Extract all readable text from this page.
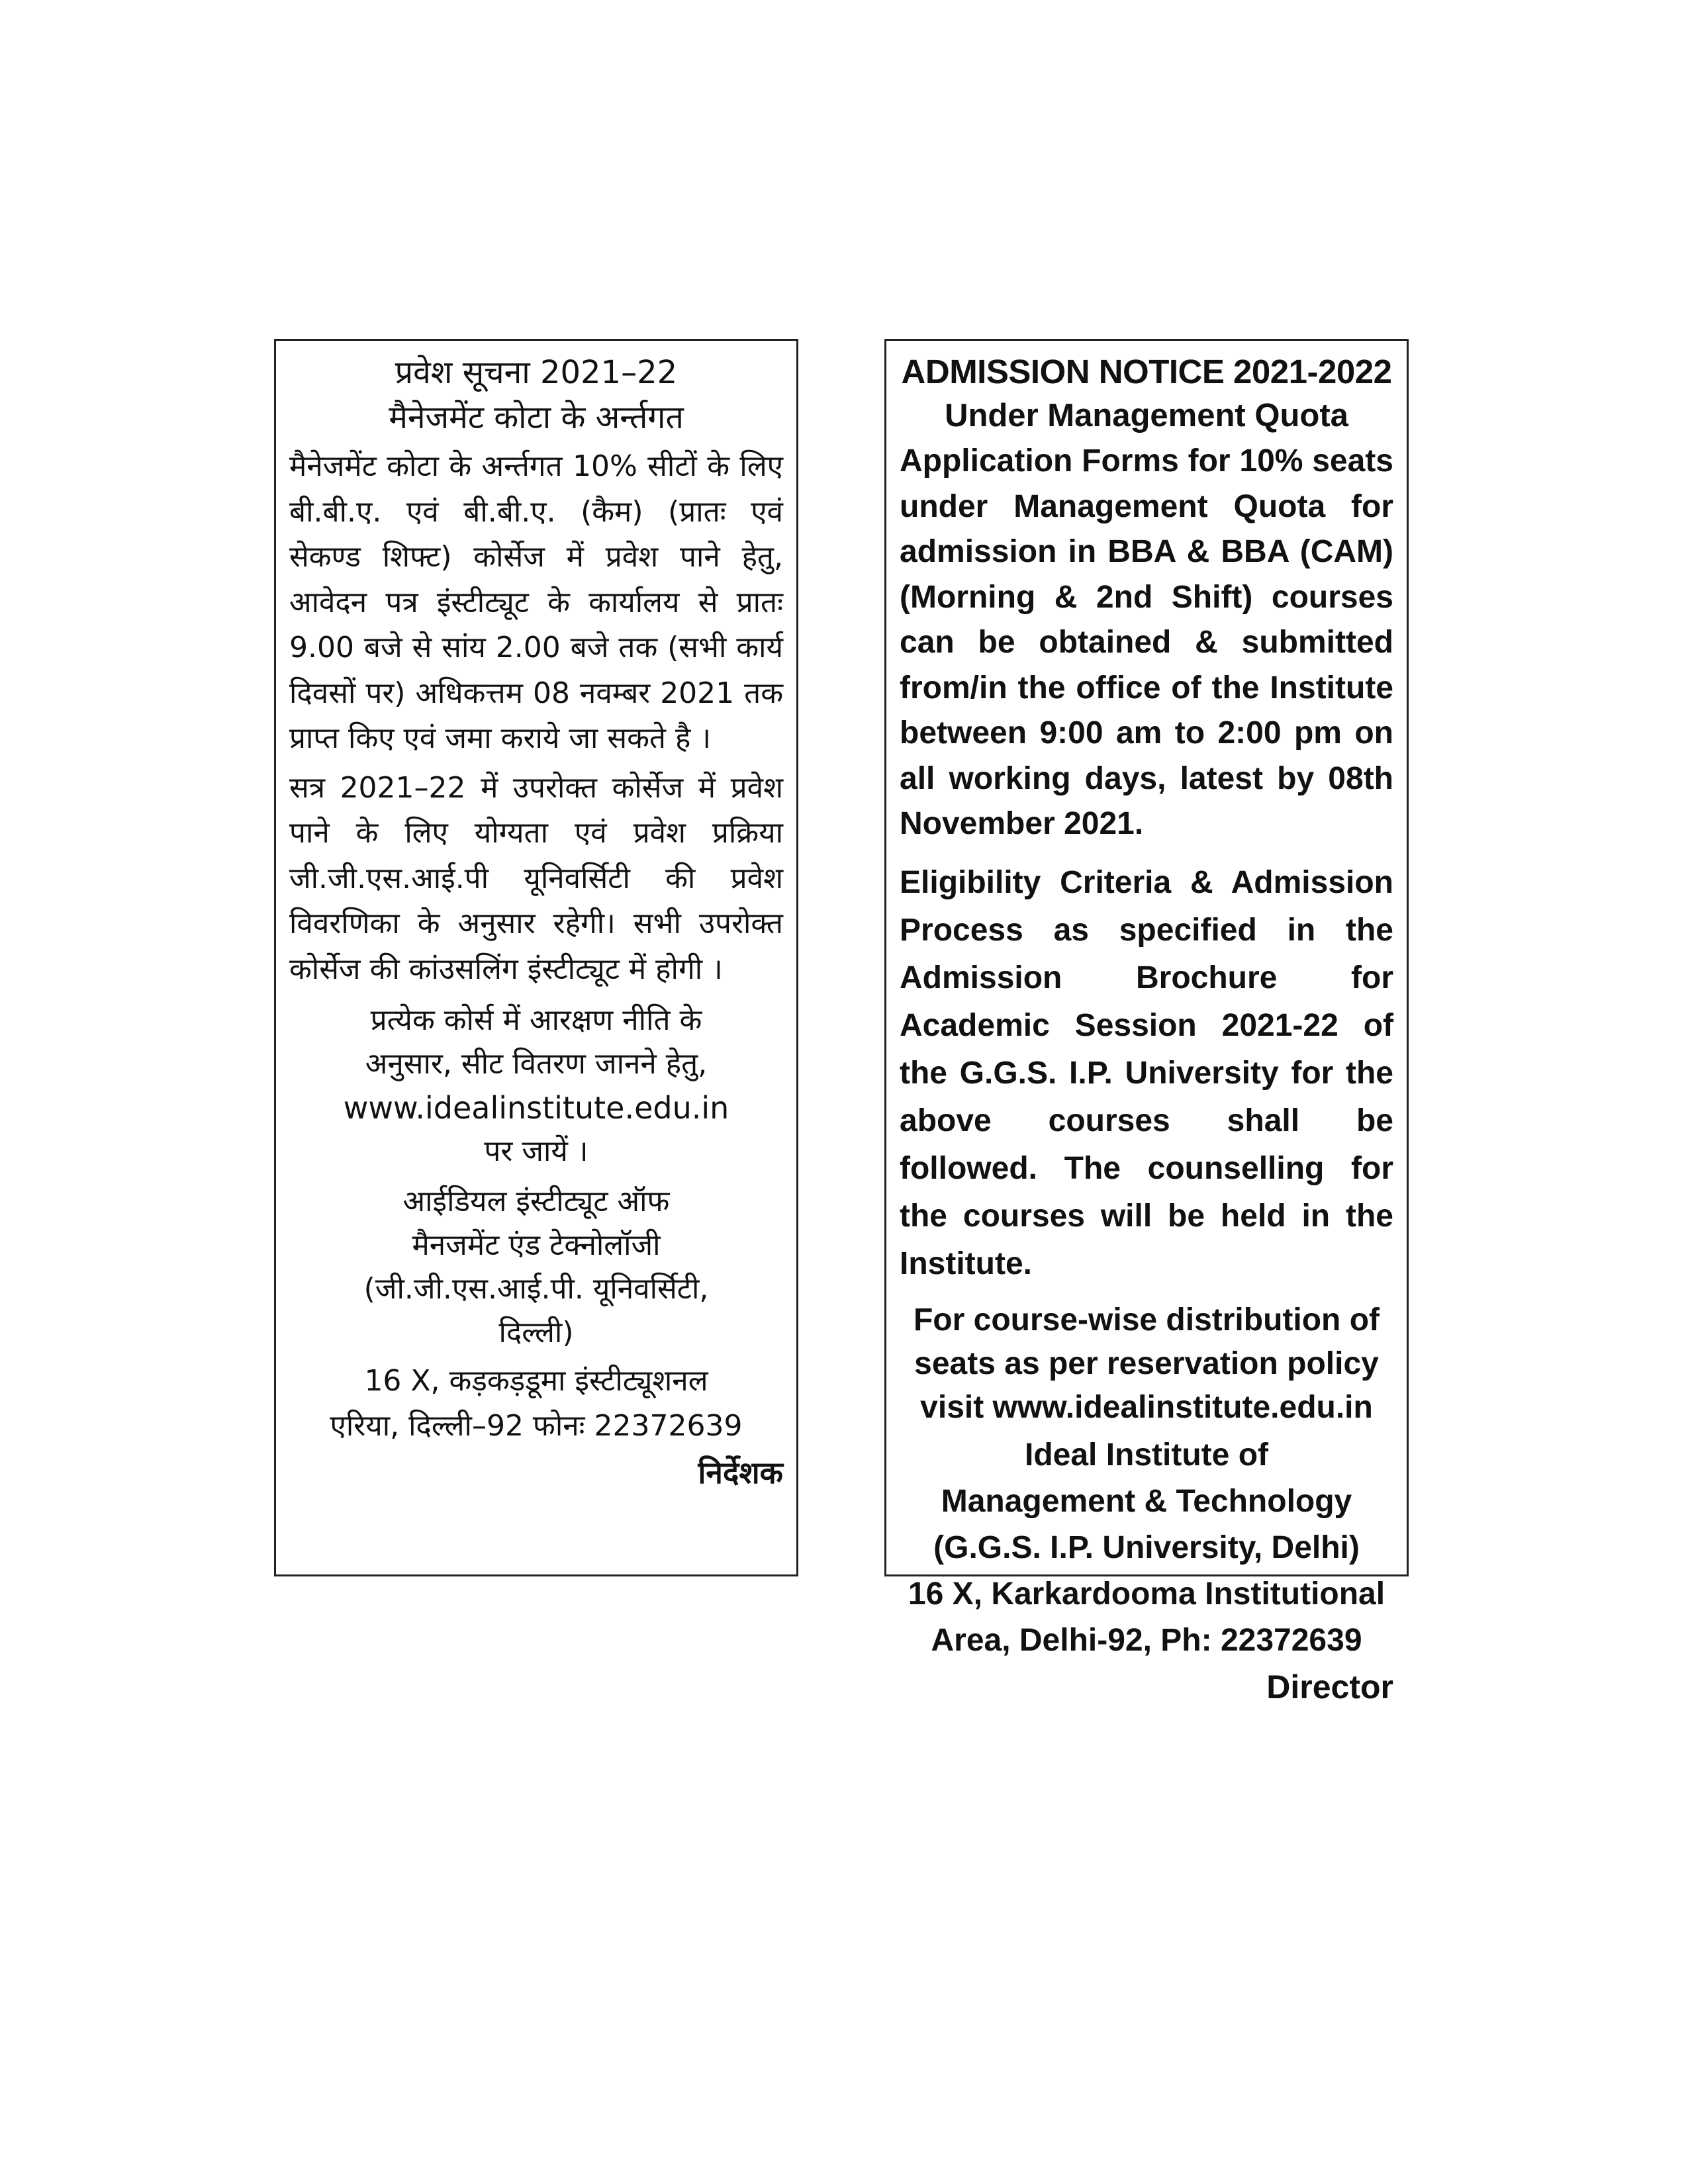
प्रवेश सूचना 2021–22
मैनेजमेंट कोटा के अर्न्तगत

मैनेजमेंट कोटा के अर्न्तगत 10% सीटों के लिए बी.बी.ए. एवं बी.बी.ए. (कैम) (प्रातः एवं सेकण्ड शिफ्ट) कोर्सेज में प्रवेश पाने हेतु, आवेदन पत्र इंस्टीट्यूट के कार्यालय से प्रातः 9.00 बजे से सांय 2.00 बजे तक (सभी कार्य दिवसों पर) अधिकत्तम 08 नवम्बर 2021 तक प्राप्त किए एवं जमा कराये जा सकते है ।

सत्र 2021–22 में उपरोक्त कोर्सेज में प्रवेश पाने के लिए योग्यता एवं प्रवेश प्रक्रिया जी.जी.एस.आई.पी यूनिवर्सिटी की प्रवेश विवरणिका के अनुसार रहेगी। सभी उपरोक्त कोर्सेज की कांउसलिंग इंस्टीट्यूट में होगी ।

प्रत्येक कोर्स में आरक्षण नीति के
अनुसार, सीट वितरण जानने हेतु,
www.idealinstitute.edu.in
पर जायें ।

आईडियल इंस्टीट्यूट ऑफ
मैनजमेंट एंड टेक्नोलॉजी
(जी.जी.एस.आई.पी. यूनिवर्सिटी,
दिल्ली)

16 X, कड़कड़डूमा इंस्टीट्यूशनल
एरिया, दिल्ली–92 फोनः 22372639

निर्देशक

ADMISSION NOTICE 2021-2022

Under Management Quota

Application Forms for 10% seats under Management Quota for admission in BBA & BBA (CAM) (Morning & 2nd Shift) courses can be obtained & submitted from/in the office of the Institute between 9:00 am to 2:00 pm on all working days, latest by 08th November 2021.

Eligibility Criteria & Admission Process as specified in the Admission Brochure for Academic Session 2021-22 of the G.G.S. I.P. University for the above courses shall be followed. The counselling for the courses will be held in the Institute.

For course-wise distribution of
seats as per reservation policy
visit www.idealinstitute.edu.in

Ideal Institute of
Management & Technology
(G.G.S. I.P. University, Delhi)
16 X, Karkardooma Institutional
Area, Delhi-92, Ph: 22372639

Director
